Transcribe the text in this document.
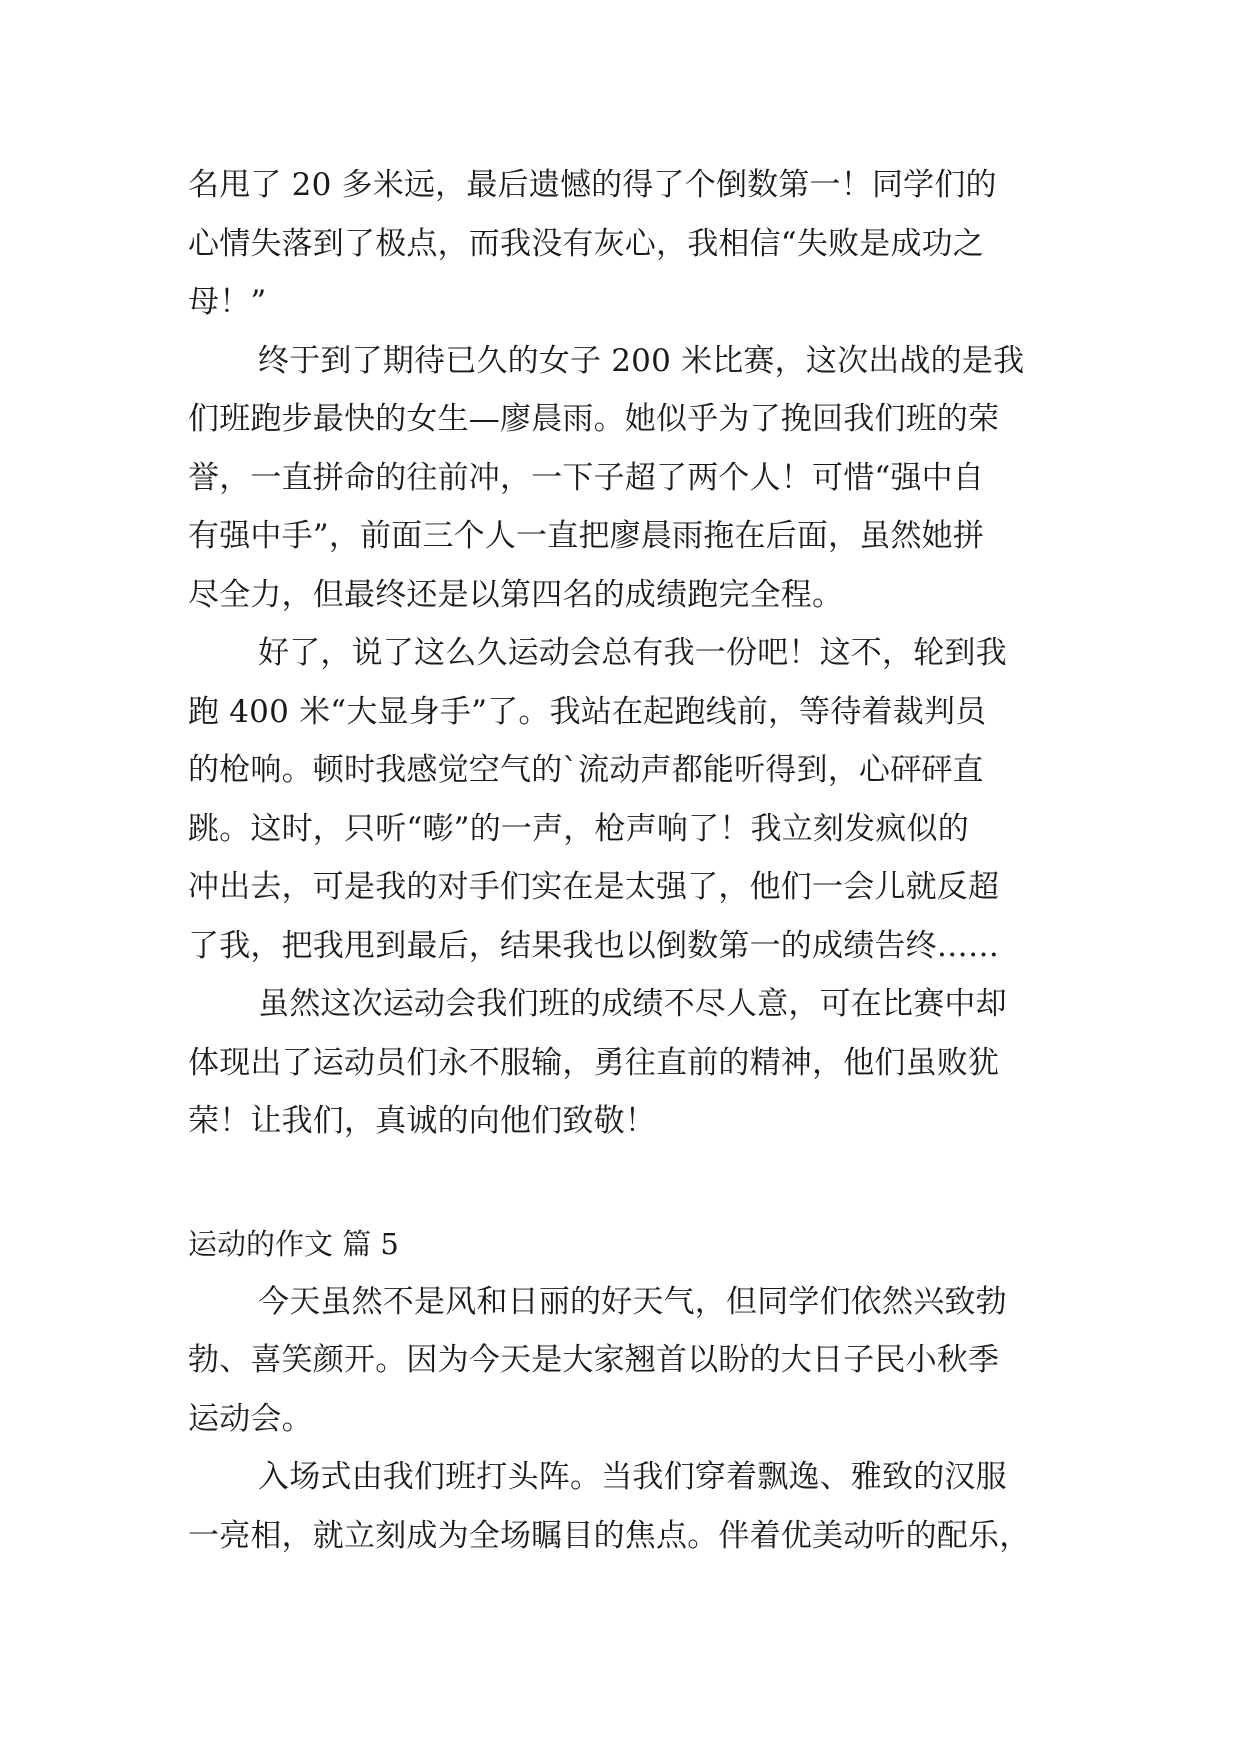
名甩了 20 多米远，最后遗憾的得了个倒数第一！同学们的
心情失落到了极点，而我没有灰心，我相信“失败是成功之
母！”
终于到了期待已久的女子 200 米比赛，这次出战的是我
们班跑步最快的女生—廖晨雨。她似乎为了挽回我们班的荣
誉，一直拼命的往前冲，一下子超了两个人！可惜“强中自
有强中手”，前面三个人一直把廖晨雨拖在后面，虽然她拼
尽全力，但最终还是以第四名的成绩跑完全程。
好了，说了这么久运动会总有我一份吧！这不，轮到我
跑 400 米“大显身手”了。我站在起跑线前，等待着裁判员
的枪响。顿时我感觉空气的`流动声都能听得到，心砰砰直
跳。这时，只听“嘭”的一声，枪声响了！我立刻发疯似的
冲出去，可是我的对手们实在是太强了，他们一会儿就反超
了我，把我甩到最后，结果我也以倒数第一的成绩告终……
虽然这次运动会我们班的成绩不尽人意，可在比赛中却
体现出了运动员们永不服输，勇往直前的精神，他们虽败犹
荣！让我们，真诚的向他们致敬！
运动的作文 篇 5
今天虽然不是风和日丽的好天气，但同学们依然兴致勃
勃、喜笑颜开。因为今天是大家翘首以盼的大日子民小秋季
运动会。
入场式由我们班打头阵。当我们穿着飘逸、雅致的汉服
一亮相，就立刻成为全场瞩目的焦点。伴着优美动听的配乐，
